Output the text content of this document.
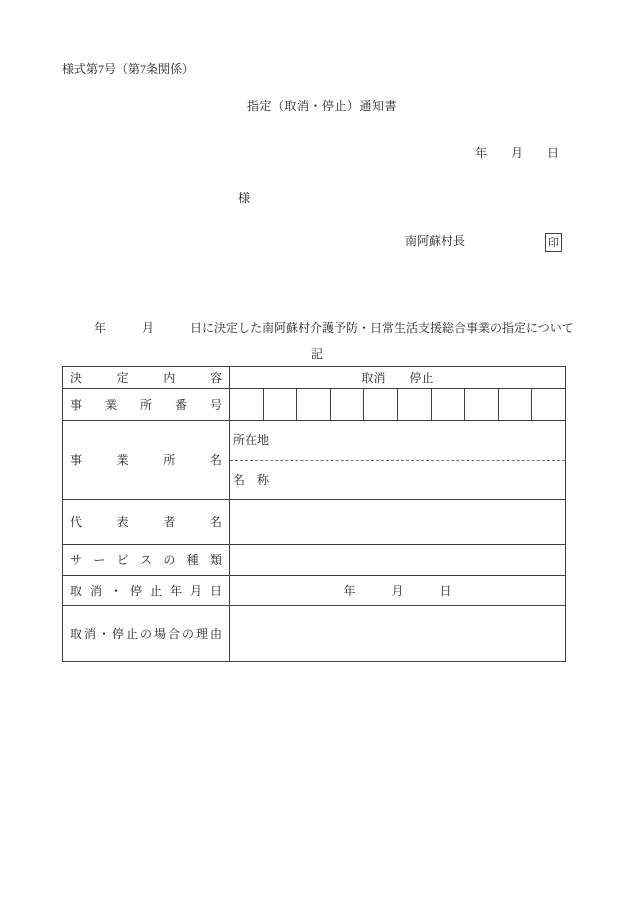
様式第7号（第7条関係）
指定（取消・停止）通知書
年　　月　　日
様
南阿蘇村長	印

年　　　月　　　日に決定した南阿蘇村介護予防・日常生活支援総合事業の指定について

記
決定内容	取消　　停止
事業所番号
事業所名
所在地
名　称
代表者名
サービスの種類
取消・停止年月日	年　　　月　　　日
取消・停止の場合の理由
